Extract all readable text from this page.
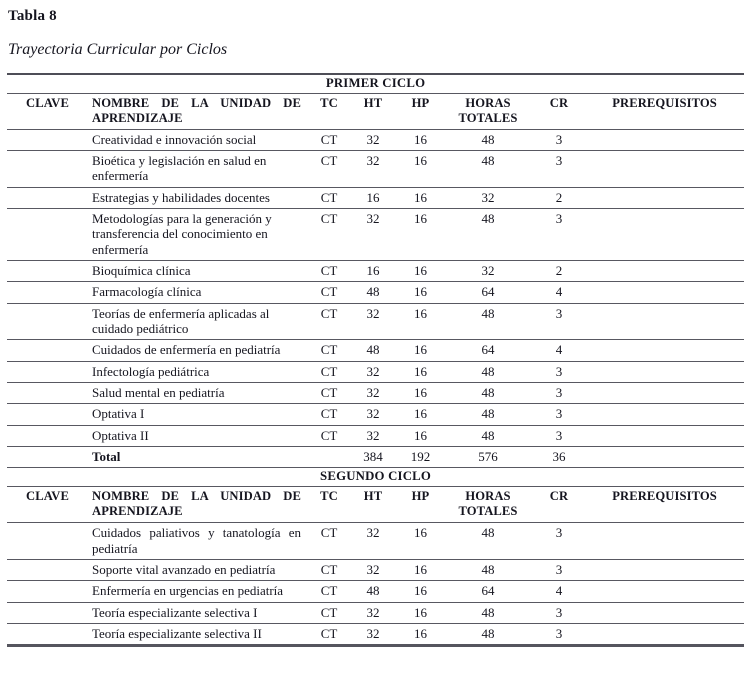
Tabla 8
Trayectoria Curricular por Ciclos
PRIMER CICLO							
CLAVE	NOMBRE DE LA UNIDAD DE APRENDIZAJE	TC	HT	HP	HORAS TOTALES	CR	PREREQUISITOS
	Creatividad e innovación social	CT	32	16	48	3	
	Bioética y legislación en salud en enfermería	CT	32	16	48	3	
	Estrategias y habilidades docentes	CT	16	16	32	2	
	Metodologías para la generación y transferencia del conocimiento en enfermería	CT	32	16	48	3	
	Bioquímica clínica	CT	16	16	32	2	
	Farmacología clínica	CT	48	16	64	4	
	Teorías de enfermería aplicadas al cuidado pediátrico	CT	32	16	48	3	
	Cuidados de enfermería en pediatría	CT	48	16	64	4	
	Infectología pediátrica	CT	32	16	48	3	
	Salud mental en pediatría	CT	32	16	48	3	
	Optativa I	CT	32	16	48	3	
	Optativa II	CT	32	16	48	3	
	Total		384	192	576	36	
SEGUNDO CICLO							
CLAVE	NOMBRE DE LA UNIDAD DE APRENDIZAJE	TC	HT	HP	HORAS TOTALES	CR	PREREQUISITOS
	Cuidados paliativos y tanatología en pediatría	CT	32	16	48	3	
	Soporte vital avanzado en pediatría	CT	32	16	48	3	
	Enfermería en urgencias en pediatría	CT	48	16	64	4	
	Teoría especializante selectiva I	CT	32	16	48	3	
	Teoría especializante selectiva II	CT	32	16	48	3	
